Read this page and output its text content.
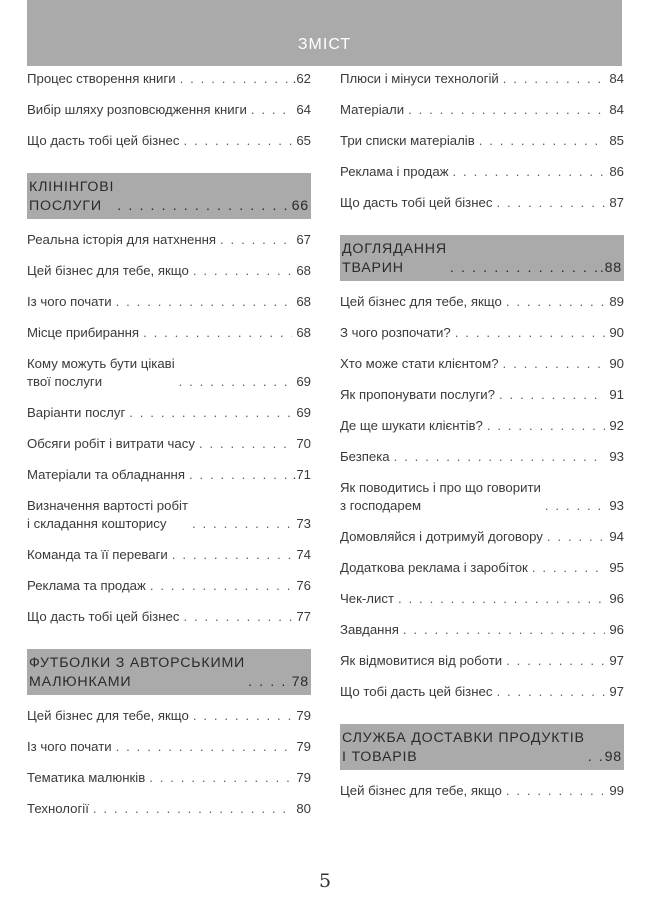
ЗМІСТ
Процес створення книги . . .	.62
Вибір шляху розповсюдження книги . . .	64
Що дасть тобі цей бізнес . . .	65
КЛІНІНГОВІ
ПОСЛУГИ . . .	66
Реальна історія для натхнення . . .	67
Цей бізнес для тебе, якщо . . .	68
Із чого почати . . .	68
Місце прибирання . . .	68
Кому можуть бути цікаві
твої послуги . . .	69
Варіанти послуг . . .	69
Обсяги робіт і витрати часу . . .	70
Матеріали та обладнання . . .	.71
Визначення вартості робіт
і складання кошторису . . .	73
Команда та її переваги . . .	74
Реклама та продаж . . .	76
Що дасть тобі цей бізнес . . .	77
ФУТБОЛКИ З АВТОРСЬКИМИ
МАЛЮНКАМИ . . .	78
Цей бізнес для тебе, якщо . . .	79
Із чого почати . . .	79
Тематика малюнків . . .	79
Технології . . .	80
Плюси і мінуси технологій . . .	84
Матеріали . . .	84
Три списки матеріалів . . .	85
Реклама і продаж . . .	86
Що дасть тобі цей бізнес . . .	87
ДОГЛЯДАННЯ
ТВАРИН . . .	.88
Цей бізнес для тебе, якщо . . .	89
З чого розпочати? . . .	90
Хто може стати клієнтом? . . .	90
Як пропонувати послуги? . . .	91
Де ще шукати клієнтів? . . .	92
Безпека . . .	93
Як поводитись і про що говорити
з господарем . . .	93
Домовляйся і дотримуй договору . . .	94
Додаткова реклама і заробіток . . .	95
Чек-лист . . .	96
Завдання . . .	96
Як відмовитися від роботи . . .	97
Що тобі дасть цей бізнес . . .	97
СЛУЖБА ДОСТАВКИ ПРОДУКТІВ
І ТОВАРІВ . . .	98
Цей бізнес для тебе, якщо . . .	99
5
